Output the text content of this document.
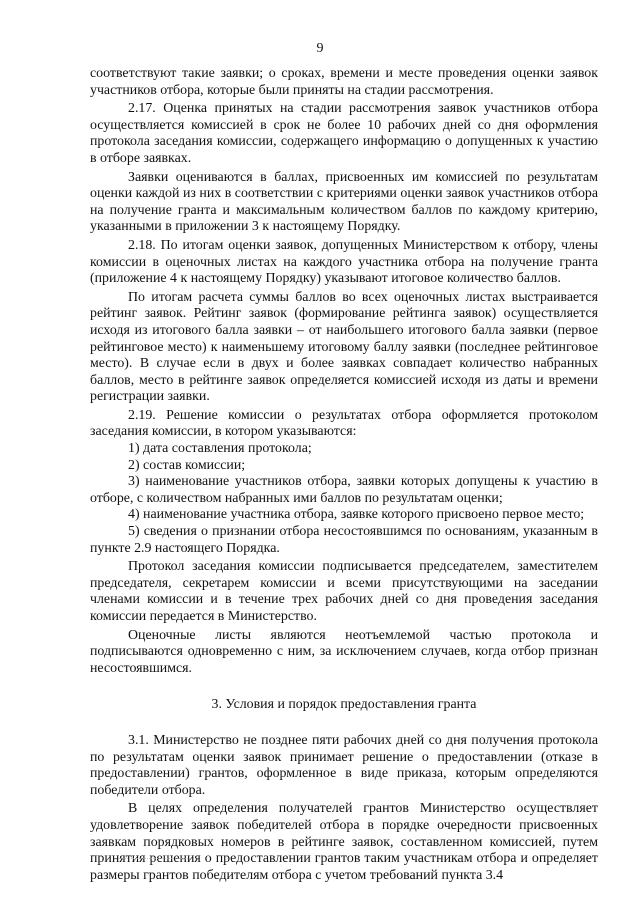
9

соответствуют такие заявки; о сроках, времени и месте проведения оценки заявок участников отбора, которые были приняты на стадии рассмотрения.

2.17. Оценка принятых на стадии рассмотрения заявок участников отбора осуществляется комиссией в срок не более 10 рабочих дней со дня оформления протокола заседания комиссии, содержащего информацию о допущенных к участию в отборе заявках.

Заявки оцениваются в баллах, присвоенных им комиссией по результатам оценки каждой из них в соответствии с критериями оценки заявок участников отбора на получение гранта и максимальным количеством баллов по каждому критерию, указанными в приложении 3 к настоящему Порядку.

2.18. По итогам оценки заявок, допущенных Министерством к отбору, члены комиссии в оценочных листах на каждого участника отбора на получение гранта (приложение 4 к настоящему Порядку) указывают итоговое количество баллов.

По итогам расчета суммы баллов во всех оценочных листах выстраивается рейтинг заявок. Рейтинг заявок (формирование рейтинга заявок) осуществляется исходя из итогового балла заявки – от наибольшего итогового балла заявки (первое рейтинговое место) к наименьшему итоговому баллу заявки (последнее рейтинговое место). В случае если в двух и более заявках совпадает количество набранных баллов, место в рейтинге заявок определяется комиссией исходя из даты и времени регистрации заявки.

2.19. Решение комиссии о результатах отбора оформляется протоколом заседания комиссии, в котором указываются:

1) дата составления протокола;

2) состав комиссии;

3) наименование участников отбора, заявки которых допущены к участию в отборе, с количеством набранных ими баллов по результатам оценки;

4) наименование участника отбора, заявке которого присвоено первое место;

5) сведения о признании отбора несостоявшимся по основаниям, указанным в пункте 2.9 настоящего Порядка.

Протокол заседания комиссии подписывается председателем, заместителем председателя, секретарем комиссии и всеми присутствующими на заседании членами комиссии и в течение трех рабочих дней со дня проведения заседания комиссии передается в Министерство.

Оценочные листы являются неотъемлемой частью протокола и подписываются одновременно с ним, за исключением случаев, когда отбор признан несостоявшимся.

3. Условия и порядок предоставления гранта

3.1. Министерство не позднее пяти рабочих дней со дня получения протокола по результатам оценки заявок принимает решение о предоставлении (отказе в предоставлении) грантов, оформленное в виде приказа, которым определяются победители отбора.

В целях определения получателей грантов Министерство осуществляет удовлетворение заявок победителей отбора в порядке очередности присвоенных заявкам порядковых номеров в рейтинге заявок, составленном комиссией, путем принятия решения о предоставлении грантов таким участникам отбора и определяет размеры грантов победителям отбора с учетом требований пункта 3.4
